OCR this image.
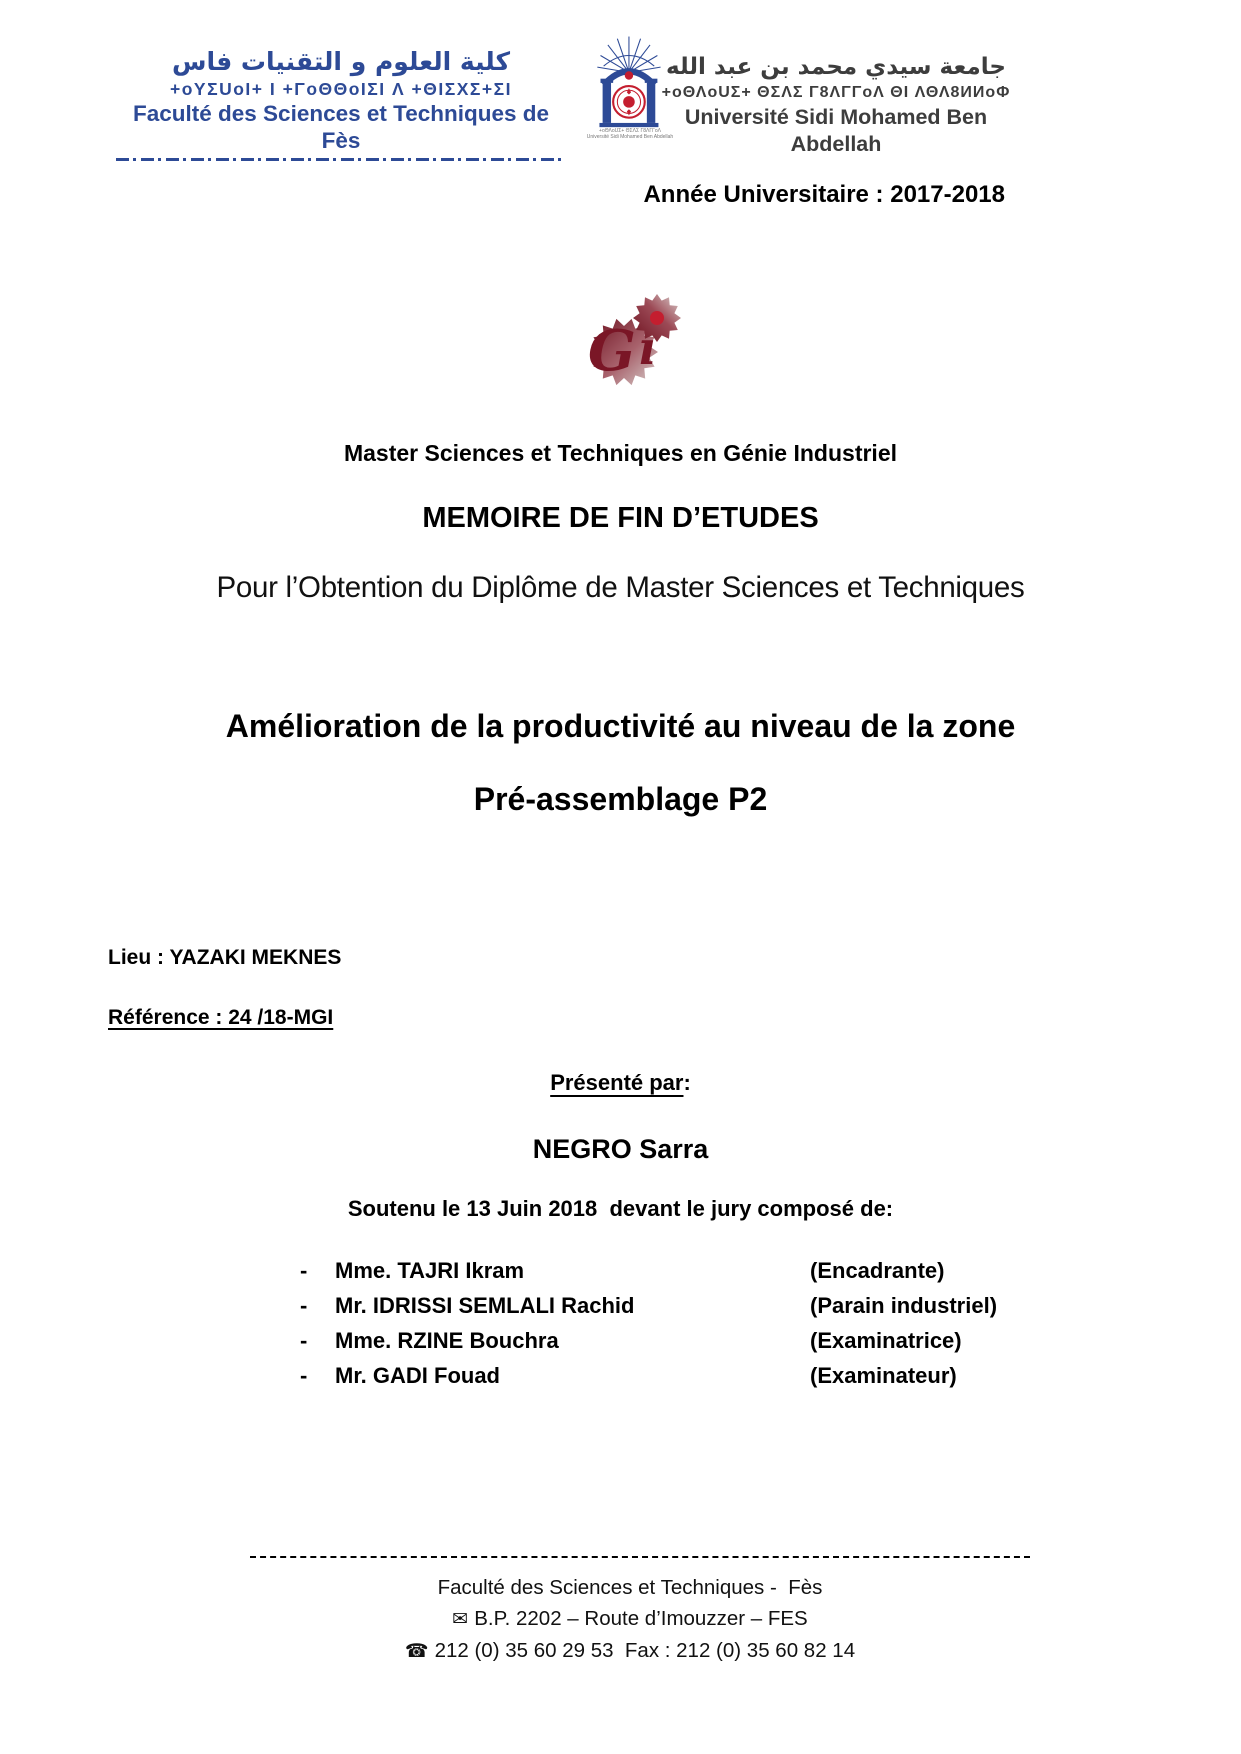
كلية العلوم و التقنيات فاس
+oYΣUoI+ I +ΓoΘΘoIΣI Λ +ΘIΣXΣ+ΣI
Faculté des Sciences et Techniques de Fès	+oΘΛoUΣ+ ΘΣΛΣ Γ8ΛΓΓoΛ
Université Sidi Mohamed Ben Abdellah
جامعة سيدي محمد بن عبد الله
+oΘΛoUΣ+ ΘΣΛΣ Γ8ΛΓΓoΛ ΘI ΛΘΛ8ИИoΦ
Université Sidi Mohamed Ben Abdellah
Année Universitaire : 2017-2018
G ı
Master Sciences et Techniques en Génie Industriel
MEMOIRE DE FIN D’ETUDES
Pour l’Obtention du Diplôme de Master Sciences et Techniques
Amélioration de la productivité au niveau de la zone
Pré-assemblage P2
Lieu : YAZAKI MEKNES
Référence : 24 /18-MGI
Présenté par:
NEGRO Sarra
Soutenu le 13 Juin 2018  devant le jury composé de:
-	Mme. TAJRI Ikram	(Encadrante)
-	Mr. IDRISSI SEMLALI Rachid	(Parain industriel)
-	Mme. RZINE Bouchra	(Examinatrice)
-	Mr. GADI Fouad	(Examinateur)
Faculté des Sciences et Techniques -  Fès
✉ B.P. 2202 – Route d’Imouzzer – FES
☎ 212 (0) 35 60 29 53  Fax : 212 (0) 35 60 82 14
